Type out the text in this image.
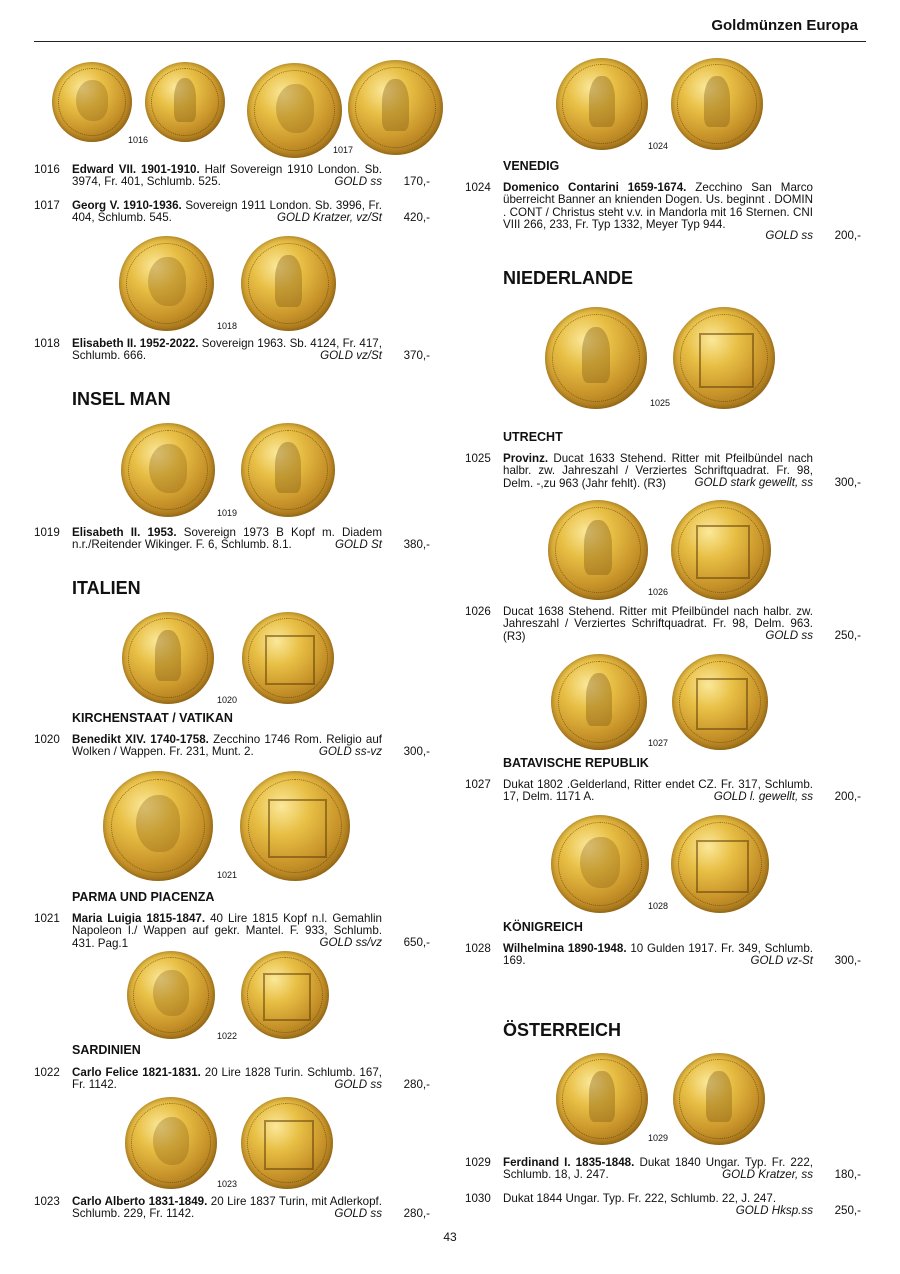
Goldmünzen Europa
1016
1017
1018
1019
1020
1021
1022
1023
1016 Edward VII. 1901-1910. Half Sovereign 1910 London. Sb. 3974, Fr. 401, Schlumb. 525.	GOLD ss 170,-
1017 Georg V. 1910-1936. Sovereign 1911 London. Sb. 3996, Fr. 404, Schlumb. 545.	GOLD Kratzer, vz/St 420,-
1018 Elisabeth II. 1952-2022. Sovereign 1963. Sb. 4124, Fr. 417, Schlumb. 666.	GOLD vz/St 370,-
INSEL MAN
1019 Elisabeth II. 1953. Sovereign 1973 B Kopf m. Diadem n.r./Reitender Wikinger. F. 6, Schlumb. 8.1.	GOLD St 380,-
ITALIEN
KIRCHENSTAAT / VATIKAN
1020 Benedikt XIV. 1740-1758. Zecchino 1746 Rom. Religio auf Wolken / Wappen. Fr. 231, Munt. 2.	GOLD ss-vz 300,-
PARMA UND PIACENZA
1021 Maria Luigia 1815-1847. 40 Lire 1815 Kopf n.l. Gemahlin Napoleon I./ Wappen auf gekr. Mantel. F. 933, Schlumb. 431. Pag.1	GOLD ss/vz 650,-
SARDINIEN
1022 Carlo Felice 1821-1831. 20 Lire 1828 Turin. Schlumb. 167, Fr. 1142.	GOLD ss 280,-
1023 Carlo Alberto 1831-1849. 20 Lire 1837 Turin, mit Adlerkopf. Schlumb. 229, Fr. 1142.	GOLD ss 280,-
1024
1025
1026
1027
1028
1029
VENEDIG
1024 Domenico Contarini 1659-1674. Zecchino San Marco überreicht Banner an knienden Dogen. Us. beginnt . DOMIN . CONT / Christus steht v.v. in Mandorla mit 16 Sternen. CNI VIII 266, 233, Fr. Typ 1332, Meyer Typ 944.
GOLD ss 200,-
NIEDERLANDE
UTRECHT
1025 Provinz. Ducat 1633 Stehend. Ritter mit Pfeilbündel nach halbr. zw. Jahreszahl / Verziertes Schriftquadrat. Fr. 98, Delm. -,zu 963 (Jahr fehlt). (R3)	GOLD stark gewellt, ss 300,-
1026 Ducat 1638 Stehend. Ritter mit Pfeilbündel nach halbr. zw. Jahreszahl / Verziertes Schriftquadrat. Fr. 98, Delm. 963. (R3)	GOLD ss 250,-
BATAVISCHE REPUBLIK
1027 Dukat 1802 .Gelderland, Ritter endet CZ. Fr. 317, Schlumb. 17, Delm. 1171 A.	GOLD l. gewellt, ss 200,-
KÖNIGREICH
1028 Wilhelmina 1890-1948. 10 Gulden 1917. Fr. 349, Schlumb. 169.	GOLD vz-St 300,-
ÖSTERREICH
1029 Ferdinand I. 1835-1848. Dukat 1840 Ungar. Typ. Fr. 222, Schlumb. 18, J. 247.	GOLD Kratzer, ss 180,-
1030 Dukat 1844 Ungar. Typ. Fr. 222, Schlumb. 22, J. 247.
GOLD Hksp.ss 250,-
43
